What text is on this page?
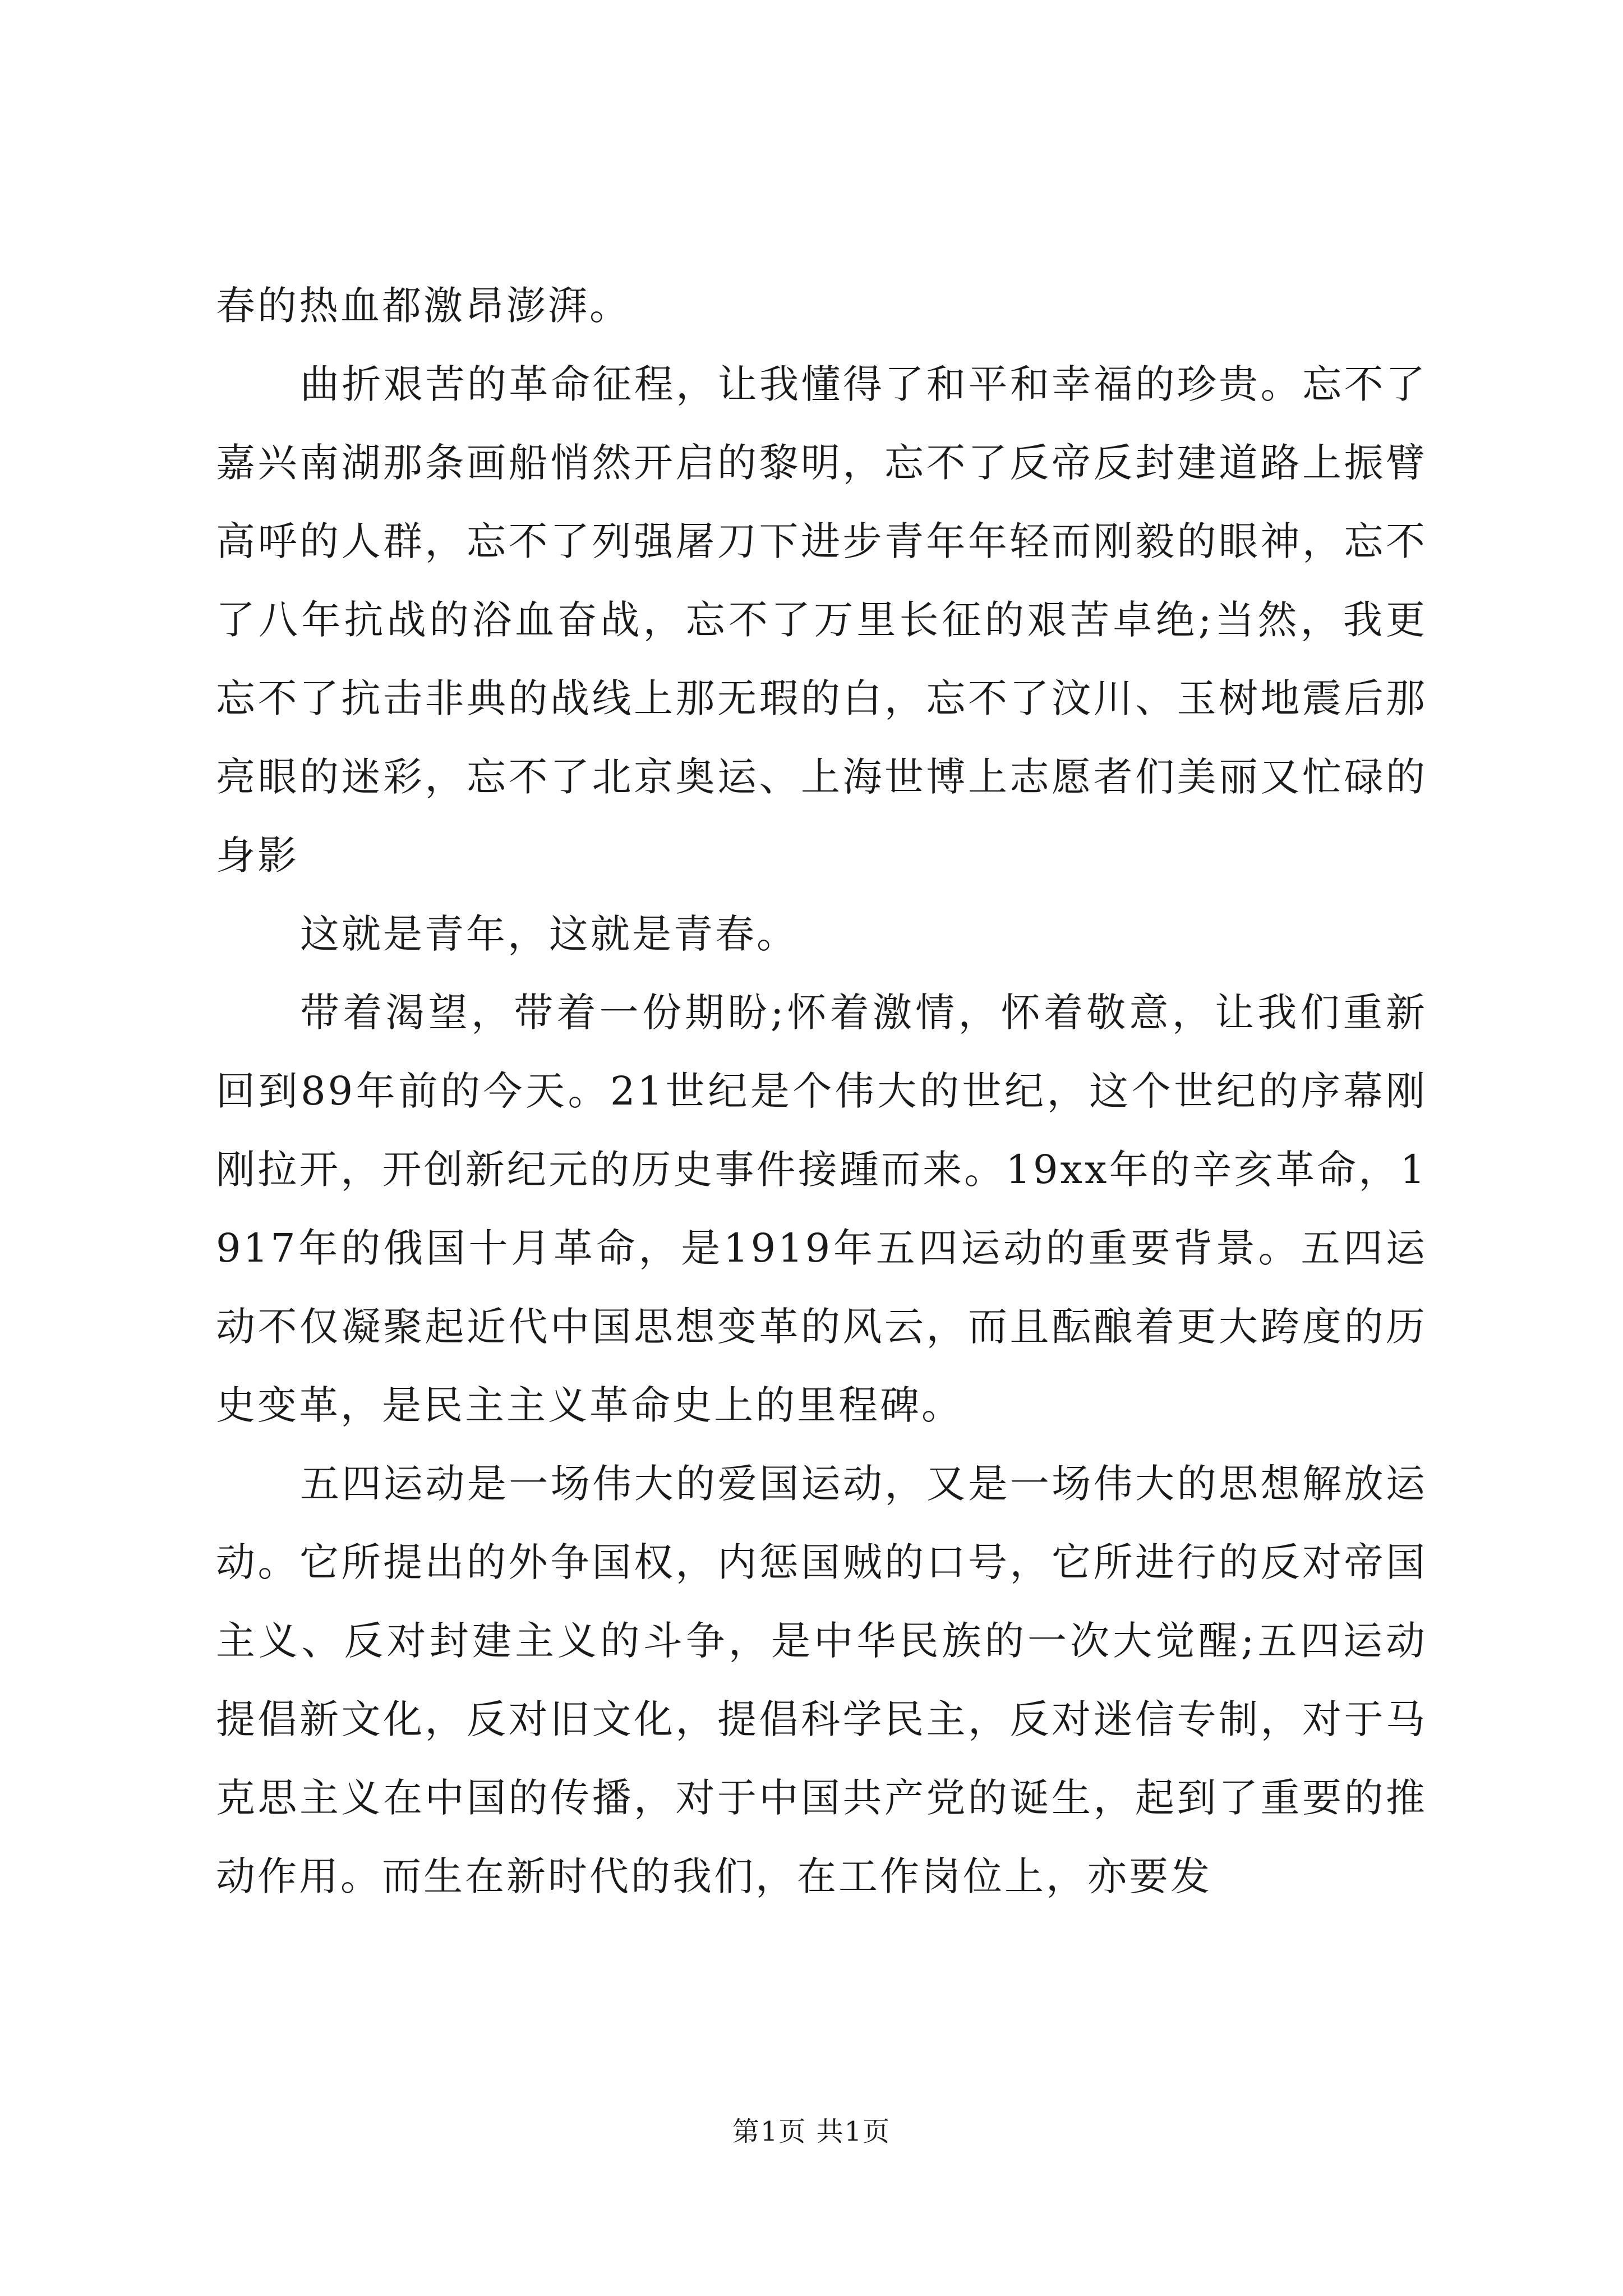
春的热血都激昂澎湃。

曲折艰苦的革命征程，让我懂得了和平和幸福的珍贵。忘不了嘉兴南湖那条画船悄然开启的黎明，忘不了反帝反封建道路上振臂高呼的人群，忘不了列强屠刀下进步青年年轻而刚毅的眼神，忘不了八年抗战的浴血奋战，忘不了万里长征的艰苦卓绝;当然，我更忘不了抗击非典的战线上那无瑕的白，忘不了汶川、玉树地震后那亮眼的迷彩，忘不了北京奥运、上海世博上志愿者们美丽又忙碌的身影

这就是青年，这就是青春。

带着渴望，带着一份期盼;怀着激情，怀着敬意，让我们重新回到89年前的今天。21世纪是个伟大的世纪，这个世纪的序幕刚刚拉开，开创新纪元的历史事件接踵而来。19xx年的辛亥革命，1917年的俄国十月革命，是1919年五四运动的重要背景。五四运动不仅凝聚起近代中国思想变革的风云，而且酝酿着更大跨度的历史变革，是民主主义革命史上的里程碑。

五四运动是一场伟大的爱国运动，又是一场伟大的思想解放运动。它所提出的外争国权，内惩国贼的口号，它所进行的反对帝国主义、反对封建主义的斗争，是中华民族的一次大觉醒;五四运动提倡新文化，反对旧文化，提倡科学民主，反对迷信专制，对于马克思主义在中国的传播，对于中国共产党的诞生，起到了重要的推动作用。而生在新时代的我们，在工作岗位上，亦要发

第1页 共1页
